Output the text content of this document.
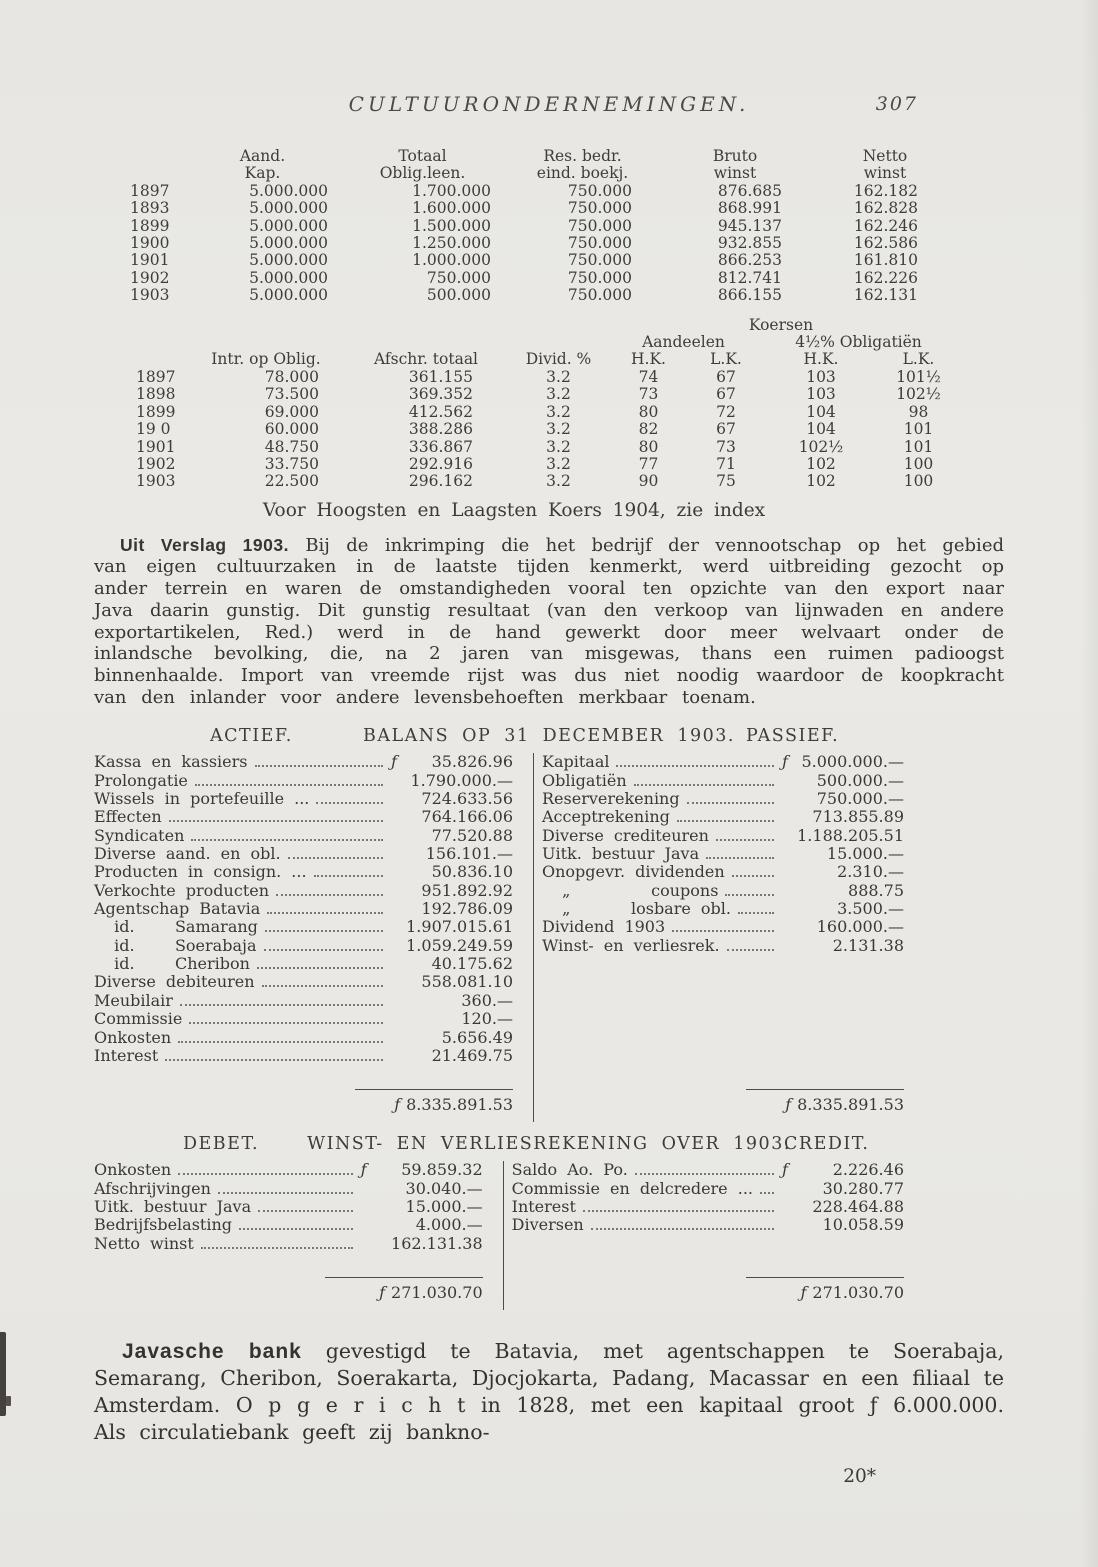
CULTUURONDERNEMINGEN.	307
	Aand.	Totaal	Res. bedr.	Bruto	Netto
	Kap.	Óblig.leen.	eind. boekj.	winst	winst
1897	5.000.000	1.700.000	750.000	876.685	162.182
1893	5.000.000	1.600.000	750.000	868.991	162.828
1899	5.000.000	1.500.000	750.000	945.137	162.246
1900	5.000.000	1.250.000	750.000	932.855	162.586
1901	5.000.000	1.000.000	750.000	866.253	161.810
1902	5.000.000	750.000	750.000	812.741	162.226
1903	5.000.000	500.000	750.000	866.155	162.131
				Koersen			
				Aandeelen		4½% Obligatiën	
	Intr. op Oblig.	Afschr. totaal	Divid. %	H.K.	L.K.	H.K.	L.K.
1897	78.000	361.155	3.2	74	67	103	101½
1898	73.500	369.352	3.2	73	67	103	102½
1899	69.000	412.562	3.2	80	72	104	98
19 0	60.000	388.286	3.2	82	67	104	101
1901	48.750	336.867	3.2	80	73	102½	101
1902	33.750	292.916	3.2	77	71	102	100
1903	22.500	296.162	3.2	90	75	102	100
Voor Hoogsten en Laagsten Koers 1904, zie index

Uit Verslag 1903. Bij de inkrimping die het bedrijf der vennootschap op het gebied van eigen cultuurzaken in de laatste tijden kenmerkt, werd uitbreiding gezocht op ander terrein en waren de omstandigheden vooral ten opzichte van den export naar Java daarin gunstig. Dit gunstig resultaat (van den verkoop van lijnwaden en andere exportartikelen, Red.) werd in de hand gewerkt door meer welvaart onder de inlandsche bevolking, die, na 2 jaren van misgewas, thans een ruimen padioogst binnenhaalde. Import van vreemde rijst was dus niet noodig waardoor de koopkracht van den inlander voor andere levensbehoeften merkbaar toenam.

ACTIEF.	BALANS OP 31 DECEMBER 1903. PASSIEF.
Kassa en kassiers	ƒ	35.826.96
Prolongatie	1.790.000.—
Wissels in portefeuille ...	724.633.56
Effecten	764.166.06
Syndicaten	77.520.88
Diverse aand. en obl.	156.101.—
Producten in consign. ...	50.836.10
Verkochte producten	951.892.92
Agentschap Batavia	192.786.09
id.    Samarang	1.907.015.61
id.    Soerabaja	1.059.249.59
id.    Cheribon	40.175.62
Diverse debiteuren	558.081.10
Meubilair	360.—
Commissie	120.—
Onkosten	5.656.49
Interest	21.469.75
ƒ 8.335.891.53
Kapitaal	ƒ 5.000.000.—
Obligatiën	500.000.—
Reserverekening	750.000.—
Acceptrekening	713.855.89
Diverse crediteuren	1.188.205.51
Uitk. bestuur Java	15.000.—
Onopgevr. dividenden	2.310.—
„        coupons	888.75
„      losbare obl.	3.500.—
Dividend 1903	160.000.—
Winst- en verliesrek.	2.131.38
ƒ 8.335.891.53
DEBET.	WINST- EN VERLIESREKENING OVER 1903.
CREDIT.
Onkosten	ƒ	59.859.32
Afschrijvingen	30.040.—
Uitk. bestuur Java	15.000.—
Bedrijfsbelasting	4.000.—
Netto winst	162.131.38
ƒ 271.030.70
Saldo Ao. Po.	ƒ	2.226.46
Commissie en delcredere ...	30.280.77
Interest	228.464.88
Diversen	10.058.59
ƒ 271.030.70

Javasche bank gevestigd te Batavia, met agentschappen te Soerabaja, Semarang, Cheribon, Soerakarta, Djocjokarta, Padang, Macassar en een filiaal te Amsterdam. O p g e r i c h t in 1828, met een kapitaal groot ƒ 6.000.000. Als circulatiebank geeft zij bankno-

20*
